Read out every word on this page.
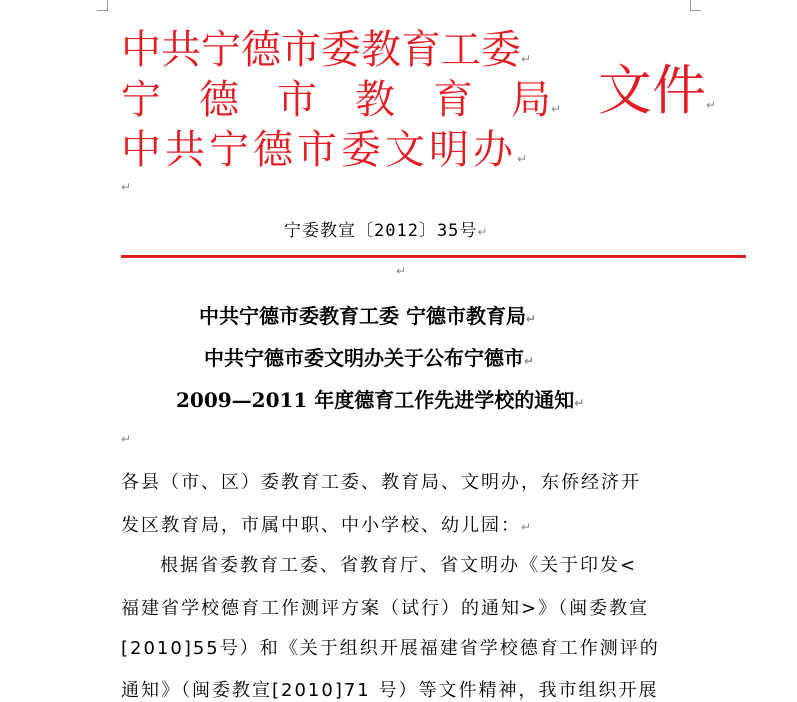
中共宁德市委教育工委↵
宁 德 市 教 育 局↵
中共宁德市委文明办↵
文件↵
↵
宁委教宣〔2012〕35号↵
↵
中共宁德市委教育工委 宁德市教育局↵
中共宁德市委文明办关于公布宁德市↵
2009—2011 年度德育工作先进学校的通知↵
↵
各县（市、区）委教育工委、教育局、文明办，东侨经济开
发区教育局，市属中职、中小学校、幼儿园：↵
根据省委教育工委、省教育厅、省文明办《关于印发<
福建省学校德育工作测评方案（试行）的通知>》（闽委教宣
[2010]55号）和《关于组织开展福建省学校德育工作测评的
通知》（闽委教宣[2010]71 号）等文件精神，我市组织开展
